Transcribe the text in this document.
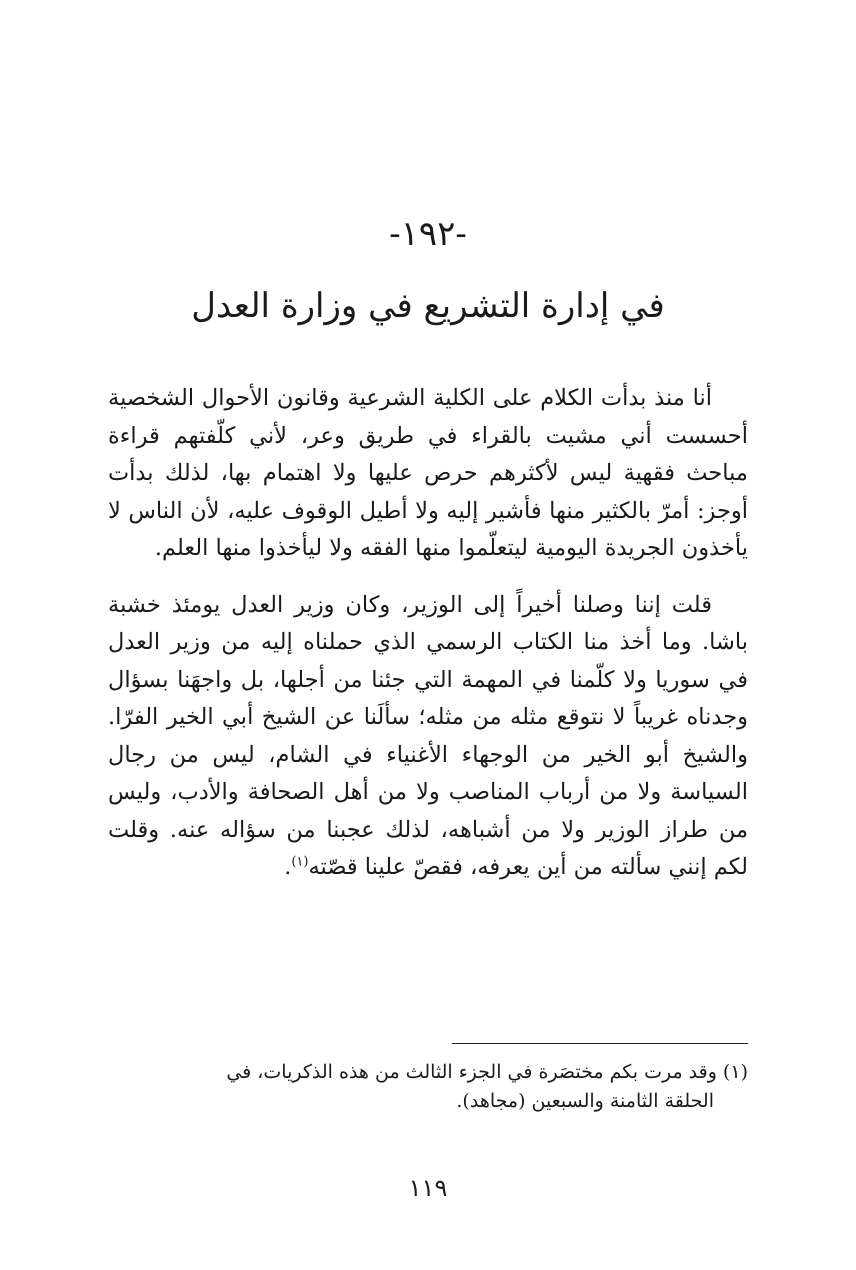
-١٩٢-
في إدارة التشريع في وزارة العدل

أنا منذ بدأت الكلام على الكلية الشرعية وقانون الأحوال الشخصية أحسست أني مشيت بالقراء في طريق وعر، لأني كلّفتهم قراءة مباحث فقهية ليس لأكثرهم حرص عليها ولا اهتمام بها، لذلك بدأت أوجز: أمرّ بالكثير منها فأشير إليه ولا أطيل الوقوف عليه، لأن الناس لا يأخذون الجريدة اليومية ليتعلّموا منها الفقه ولا ليأخذوا منها العلم.

قلت إننا وصلنا أخيراً إلى الوزير، وكان وزير العدل يومئذ خشبة باشا. وما أخذ منا الكتاب الرسمي الذي حملناه إليه من وزير العدل في سوريا ولا كلّمنا في المهمة التي جئنا من أجلها، بل واجهَنا بسؤال وجدناه غريباً لا نتوقع مثله من مثله؛ سألَنا عن الشيخ أبي الخير الفرّا. والشيخ أبو الخير من الوجهاء الأغنياء في الشام، ليس من رجال السياسة ولا من أرباب المناصب ولا من أهل الصحافة والأدب، وليس من طراز الوزير ولا من أشباهه، لذلك عجبنا من سؤاله عنه. وقلت لكم إنني سألته من أين يعرفه، فقصّ علينا قصّته$^{(١)}$.

(١) وقد مرت بكم مختصَرة في الجزء الثالث من هذه الذكريات، في
الحلقة الثامنة والسبعين (مجاهد).
١١٩
